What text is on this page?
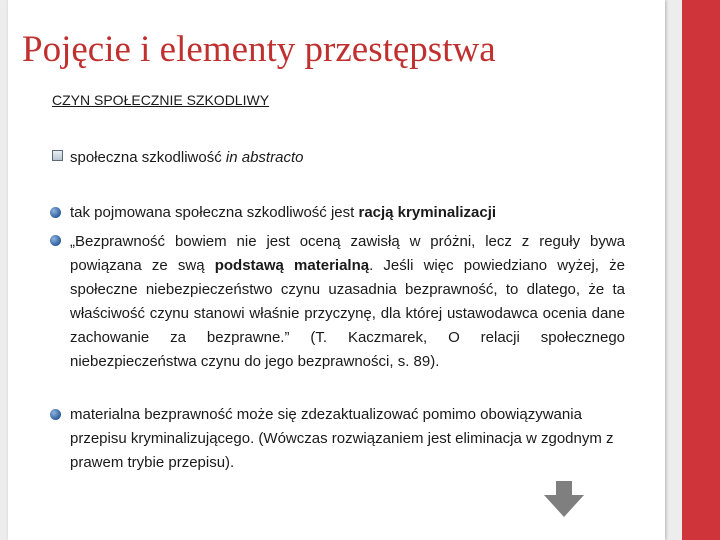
Pojęcie i elementy przestępstwa
CZYN SPOŁECZNIE SZKODLIWY
społeczna szkodliwość in abstracto
tak pojmowana społeczna szkodliwość jest racją kryminalizacji
„Bezprawność bowiem nie jest oceną zawisłą w próżni, lecz z reguły bywa powiązana ze swą podstawą materialną. Jeśli więc powiedziano wyżej, że społeczne niebezpieczeństwo czynu uzasadnia bezprawność, to dlatego, że ta właściwość czynu stanowi właśnie przyczynę, dla której ustawodawca ocenia dane zachowanie za bezprawne.” (T. Kaczmarek, O relacji społecznego niebezpieczeństwa czynu do jego bezprawności, s. 89).
materialna bezprawność może się zdezaktualizować pomimo obowiązywania przepisu kryminalizującego. (Wówczas rozwiązaniem jest eliminacja w zgodnym z prawem trybie przepisu).
